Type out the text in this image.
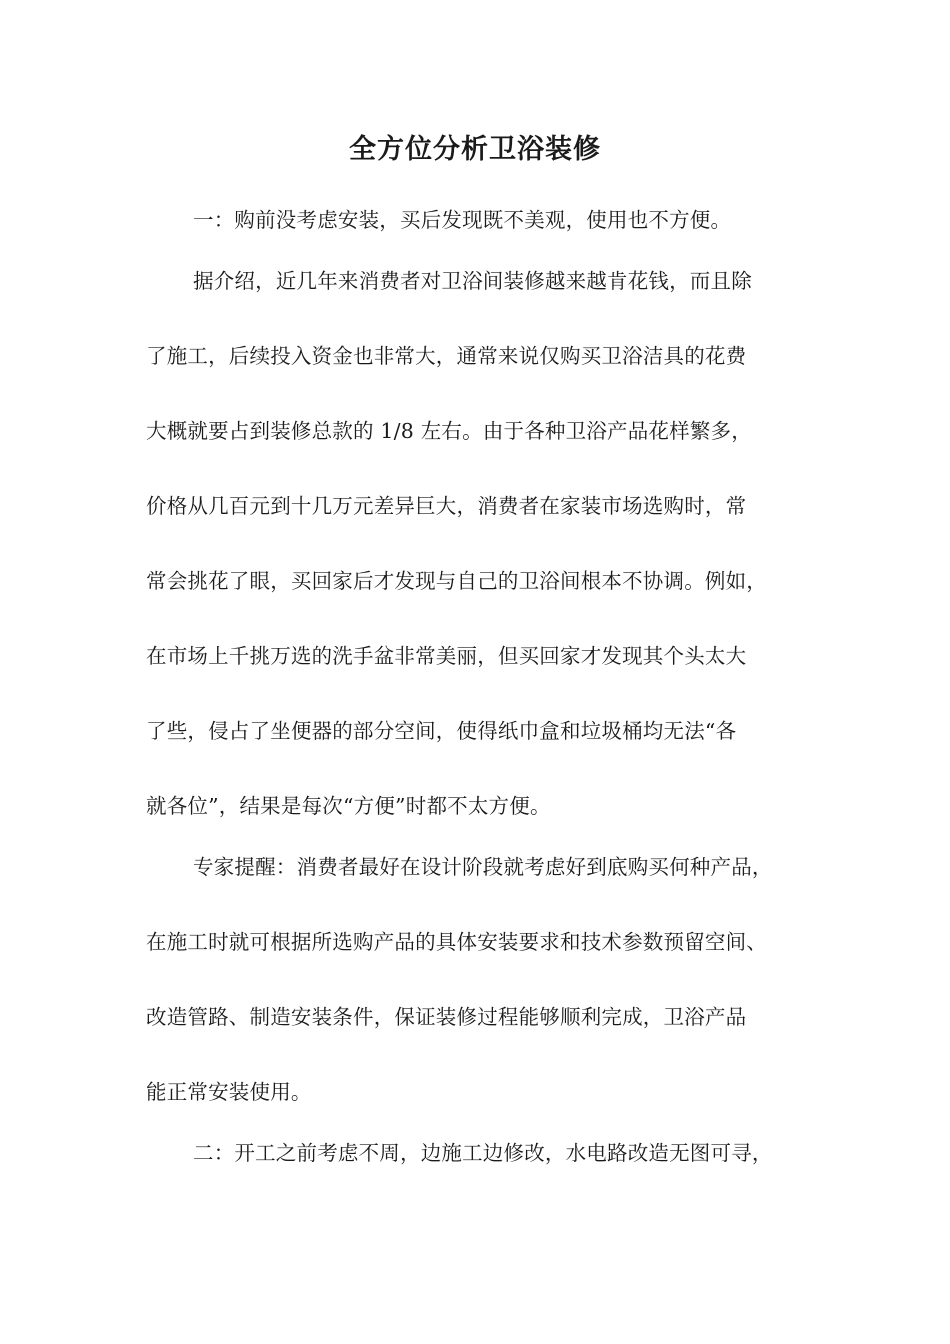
全方位分析卫浴装修
一：购前没考虑安装，买后发现既不美观，使用也不方便。
据介绍，近几年来消费者对卫浴间装修越来越肯花钱，而且除
了施工，后续投入资金也非常大，通常来说仅购买卫浴洁具的花费
大概就要占到装修总款的 1/8 左右。由于各种卫浴产品花样繁多，
价格从几百元到十几万元差异巨大，消费者在家装市场选购时，常
常会挑花了眼，买回家后才发现与自己的卫浴间根本不协调。例如，
在市场上千挑万选的洗手盆非常美丽，但买回家才发现其个头太大
了些，侵占了坐便器的部分空间，使得纸巾盒和垃圾桶均无法“各
就各位”，结果是每次“方便”时都不太方便。
专家提醒：消费者最好在设计阶段就考虑好到底购买何种产品，
在施工时就可根据所选购产品的具体安装要求和技术参数预留空间、
改造管路、制造安装条件，保证装修过程能够顺利完成，卫浴产品
能正常安装使用。
二：开工之前考虑不周，边施工边修改，水电路改造无图可寻，
